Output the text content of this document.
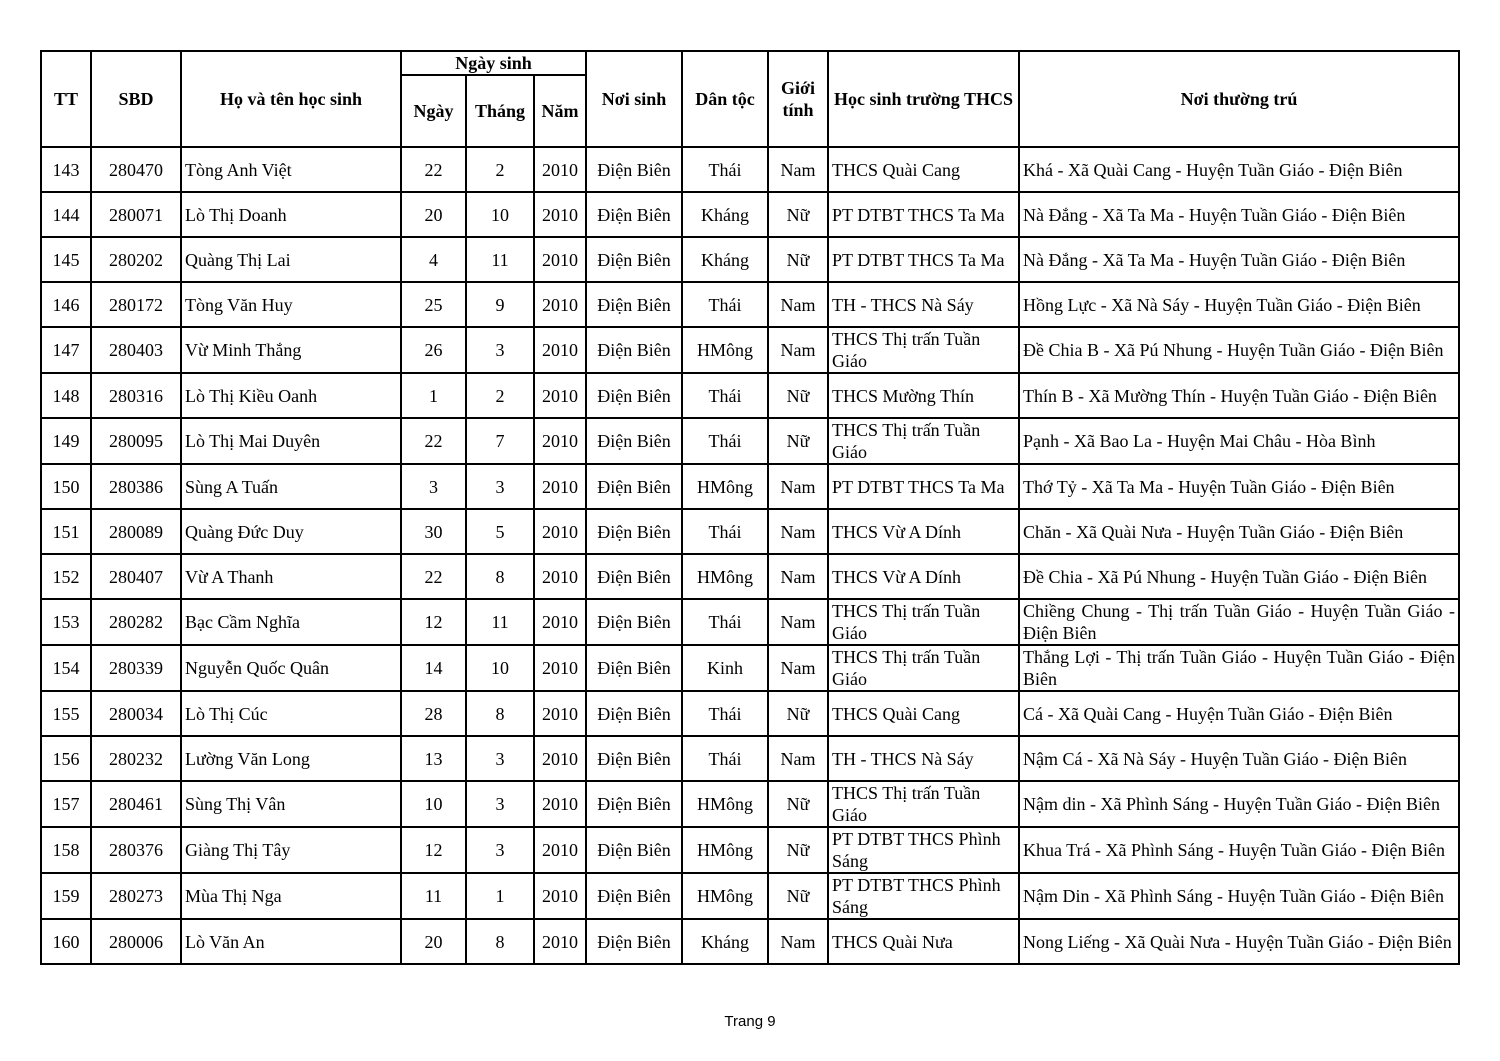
TT	SBD	Họ và tên học sinh	Ngày sinh			Nơi sinh	Dân tộc	Giới tính	Học sinh trường THCS	Nơi thường trú
			Ngày	Tháng	Năm					
143	280470	Tòng Anh Việt	22	2	2010	Điện Biên	Thái	Nam	THCS Quài Cang	Khá - Xã Quài Cang - Huyện Tuần Giáo - Điện Biên
144	280071	Lò Thị Doanh	20	10	2010	Điện Biên	Kháng	Nữ	PT DTBT THCS Ta Ma	Nà Đắng - Xã Ta Ma - Huyện Tuần Giáo - Điện Biên
145	280202	Quàng Thị Lai	4	11	2010	Điện Biên	Kháng	Nữ	PT DTBT THCS Ta Ma	Nà Đắng - Xã Ta Ma - Huyện Tuần Giáo - Điện Biên
146	280172	Tòng Văn Huy	25	9	2010	Điện Biên	Thái	Nam	TH - THCS Nà Sáy	Hồng Lực - Xã Nà Sáy - Huyện Tuần Giáo - Điện Biên
147	280403	Vừ Minh Thắng	26	3	2010	Điện Biên	HMông	Nam	THCS Thị trấn Tuần Giáo	Đề Chia B - Xã Pú Nhung - Huyện Tuần Giáo - Điện Biên
148	280316	Lò Thị Kiều Oanh	1	2	2010	Điện Biên	Thái	Nữ	THCS Mường Thín	Thín B - Xã Mường Thín - Huyện Tuần Giáo - Điện Biên
149	280095	Lò Thị Mai Duyên	22	7	2010	Điện Biên	Thái	Nữ	THCS Thị trấn Tuần Giáo	Pạnh - Xã Bao La - Huyện Mai Châu - Hòa Bình
150	280386	Sùng A Tuấn	3	3	2010	Điện Biên	HMông	Nam	PT DTBT THCS Ta Ma	Thớ Tỷ - Xã Ta Ma - Huyện Tuần Giáo - Điện Biên
151	280089	Quàng Đức Duy	30	5	2010	Điện Biên	Thái	Nam	THCS Vừ A Dính	Chăn - Xã Quài Nưa - Huyện Tuần Giáo - Điện Biên
152	280407	Vừ A Thanh	22	8	2010	Điện Biên	HMông	Nam	THCS Vừ A Dính	Đề Chia - Xã Pú Nhung - Huyện Tuần Giáo - Điện Biên
153	280282	Bạc Cầm Nghĩa	12	11	2010	Điện Biên	Thái	Nam	THCS Thị trấn Tuần Giáo	Chiềng Chung - Thị trấn Tuần Giáo - Huyện Tuần Giáo - Điện Biên
154	280339	Nguyễn Quốc Quân	14	10	2010	Điện Biên	Kinh	Nam	THCS Thị trấn Tuần Giáo	Thắng Lợi - Thị trấn Tuần Giáo - Huyện Tuần Giáo - Điện Biên
155	280034	Lò Thị Cúc	28	8	2010	Điện Biên	Thái	Nữ	THCS Quài Cang	Cá - Xã Quài Cang - Huyện Tuần Giáo - Điện Biên
156	280232	Lường Văn Long	13	3	2010	Điện Biên	Thái	Nam	TH - THCS Nà Sáy	Nậm Cá - Xã Nà Sáy - Huyện Tuần Giáo - Điện Biên
157	280461	Sùng Thị Vân	10	3	2010	Điện Biên	HMông	Nữ	THCS Thị trấn Tuần Giáo	Nậm din - Xã Phình Sáng - Huyện Tuần Giáo - Điện Biên
158	280376	Giàng Thị Tây	12	3	2010	Điện Biên	HMông	Nữ	PT DTBT THCS Phình Sáng	Khua Trá - Xã Phình Sáng - Huyện Tuần Giáo - Điện Biên
159	280273	Mùa Thị Nga	11	1	2010	Điện Biên	HMông	Nữ	PT DTBT THCS Phình Sáng	Nậm Din - Xã Phình Sáng - Huyện Tuần Giáo - Điện Biên
160	280006	Lò Văn An	20	8	2010	Điện Biên	Kháng	Nam	THCS Quài Nưa	Nong Liếng - Xã Quài Nưa - Huyện Tuần Giáo - Điện Biên
Trang 9
